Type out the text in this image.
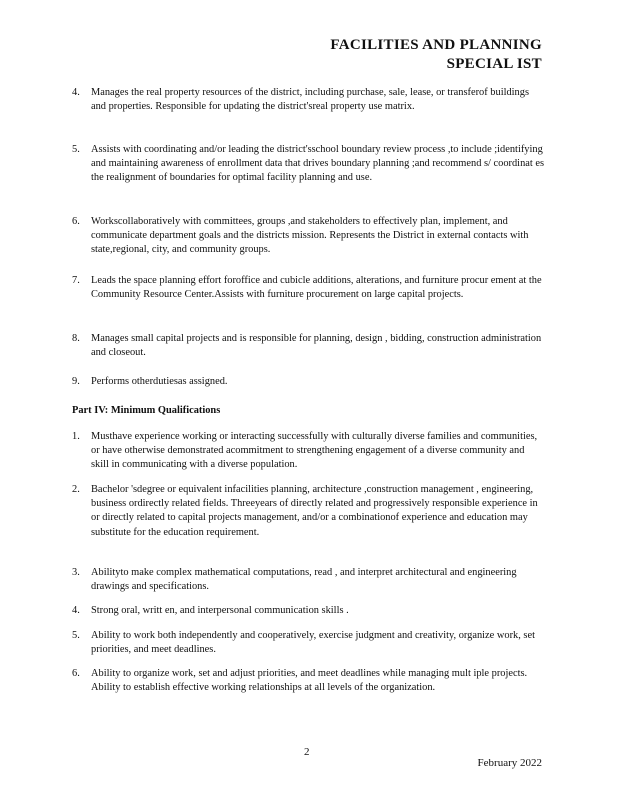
FACILITIES AND PLANNING
SPECIAL IST
4. Manages the real property resources of the district, including purchase, sale, lease, or transferof buildings and properties. Responsible for updating the district'sreal property use matrix.
5. Assists with coordinating and/or leading the district'sschool boundary review process ,to include ;identifying and maintaining awareness of enrollment data that drives boundary planning ;and recommend s/ coordinat es the realignment of boundaries for optimal facility planning and use.
6. Workscollaboratively with committees, groups ,and stakeholders to effectively plan, implement, and communicate department goals and the districts mission. Represents the District in external contacts with state,regional, city, and community groups.
7. Leads the space planning effort foroffice and cubicle additions, alterations, and furniture procur ement at the Community Resource Center.Assists with furniture procurement on large capital projects.
8. Manages small capital projects and is responsible for planning, design , bidding, construction administration and closeout.
9. Performs otherdutiesas assigned.
Part IV: Minimum Qualifications
1. Musthave experience working or interacting successfully with culturally diverse families and communities, or have otherwise demonstrated acommitment to strengthening engagement of a diverse community and skill in communicating with a diverse population.
2. Bachelor 'sdegree or equivalent infacilities planning, architecture ,construction management , engineering, business ordirectly related fields. Threeyears of directly related and progressively responsible experience in or directly related to capital projects management, and/or a combinationof experience and education may substitute for the education requirement.
3. Abilityto make complex mathematical computations, read , and interpret architectural and engineering drawings and specifications.
4. Strong oral, writt en, and interpersonal communication skills .
5. Ability to work both independently and cooperatively, exercise judgment and creativity, organize work, set priorities, and meet deadlines.
6. Ability to organize work, set and adjust priorities, and meet deadlines while managing mult iple projects. Ability to establish effective working relationships at all levels of the organization.
2
February 2022
